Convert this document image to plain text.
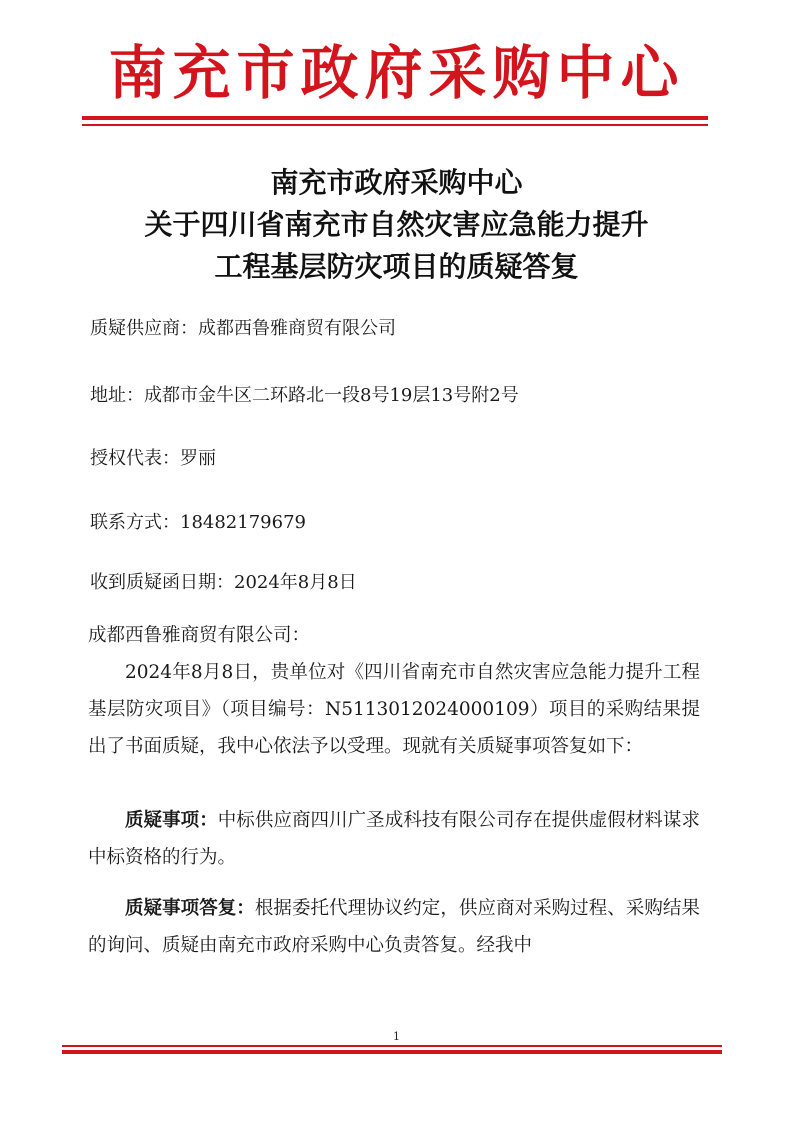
南充市政府采购中心
南充市政府采购中心
关于四川省南充市自然灾害应急能力提升
工程基层防灾项目的质疑答复
质疑供应商：成都西鲁雅商贸有限公司
地址：成都市金牛区二环路北一段8号19层13号附2号
授权代表：罗丽
联系方式：18482179679
收到质疑函日期：2024年8月8日
成都西鲁雅商贸有限公司：
2024年8月8日，贵单位对《四川省南充市自然灾害应急能力提升工程基层防灾项目》（项目编号：N5113012024000109）项目的采购结果提出了书面质疑，我中心依法予以受理。现就有关质疑事项答复如下：
质疑事项：中标供应商四川广圣成科技有限公司存在提供虚假材料谋求中标资格的行为。
质疑事项答复：根据委托代理协议约定，供应商对采购过程、采购结果的询问、质疑由南充市政府采购中心负责答复。经我中
1
